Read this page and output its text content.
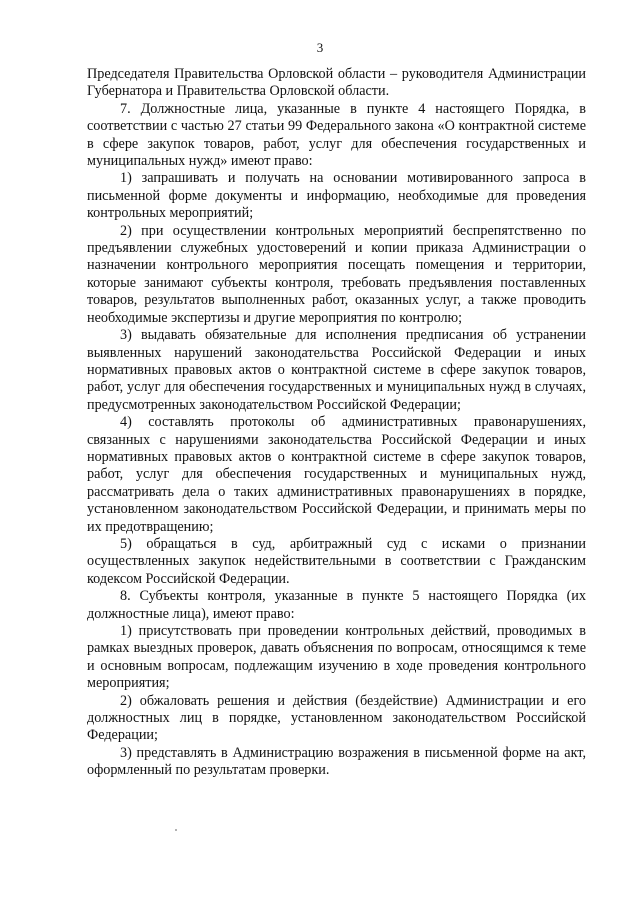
3

Председателя Правительства Орловской области – руководителя Администрации Губернатора и Правительства Орловской области.

7. Должностные лица, указанные в пункте 4 настоящего Порядка, в соответствии с частью 27 статьи 99 Федерального закона «О контрактной системе в сфере закупок товаров, работ, услуг для обеспечения государственных и муниципальных нужд» имеют право:

1) запрашивать и получать на основании мотивированного запроса в письменной форме документы и информацию, необходимые для проведения контрольных мероприятий;

2) при осуществлении контрольных мероприятий беспрепятственно по предъявлении служебных удостоверений и копии приказа Администрации о назначении контрольного мероприятия посещать помещения и территории, которые занимают субъекты контроля, требовать предъявления поставленных товаров, результатов выполненных работ, оказанных услуг, а также проводить необходимые экспертизы и другие мероприятия по контролю;

3) выдавать обязательные для исполнения предписания об устранении выявленных нарушений законодательства Российской Федерации и иных нормативных правовых актов о контрактной системе в сфере закупок товаров, работ, услуг для обеспечения государственных и муниципальных нужд в случаях, предусмотренных законодательством Российской Федерации;

4) составлять протоколы об административных правонарушениях, связанных с нарушениями законодательства Российской Федерации и иных нормативных правовых актов о контрактной системе в сфере закупок товаров, работ, услуг для обеспечения государственных и муниципальных нужд, рассматривать дела о таких административных правонарушениях в порядке, установленном законодательством Российской Федерации, и принимать меры по их предотвращению;

5) обращаться в суд, арбитражный суд с исками о признании осуществленных закупок недействительными в соответствии с Гражданским кодексом Российской Федерации.

8. Субъекты контроля, указанные в пункте 5 настоящего Порядка (их должностные лица), имеют право:

1) присутствовать при проведении контрольных действий, проводимых в рамках выездных проверок, давать объяснения по вопросам, относящимся к теме и основным вопросам, подлежащим изучению в ходе проведения контрольного мероприятия;

2) обжаловать решения и действия (бездействие) Администрации и его должностных лиц в порядке, установленном законодательством Российской Федерации;

3) представлять в Администрацию возражения в письменной форме на акт, оформленный по результатам проверки.
